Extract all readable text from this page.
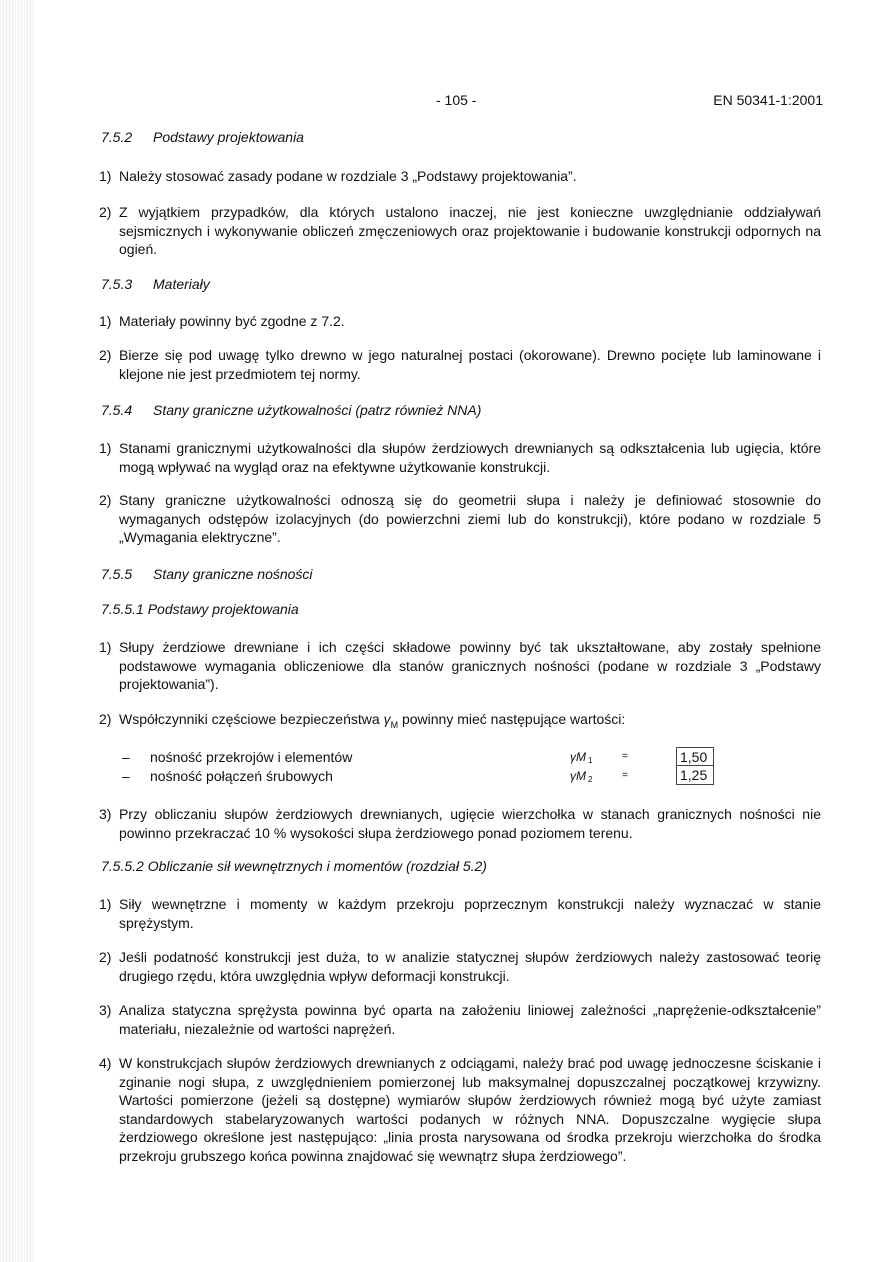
- 105 -	EN 50341-1:2001
7.5.2 Podstawy projektowania
1) Należy stosować zasady podane w rozdziale 3 „Podstawy projektowania”.
2) Z wyjątkiem przypadków, dla których ustalono inaczej, nie jest konieczne uwzględnianie oddziaływań sejsmicznych i wykonywanie obliczeń zmęczeniowych oraz projektowanie i budowanie konstrukcji odpornych na ogień.
7.5.3 Materiały
1) Materiały powinny być zgodne z 7.2.
2) Bierze się pod uwagę tylko drewno w jego naturalnej postaci (okorowane). Drewno pocięte lub laminowane i klejone nie jest przedmiotem tej normy.
7.5.4 Stany graniczne użytkowalności (patrz również NNA)
1) Stanami granicznymi użytkowalności dla słupów żerdziowych drewnianych są odkształcenia lub ugięcia, które mogą wpływać na wygląd oraz na efektywne użytkowanie konstrukcji.
2) Stany graniczne użytkowalności odnoszą się do geometrii słupa i należy je definiować stosownie do wymaganych odstępów izolacyjnych (do powierzchni ziemi lub do konstrukcji), które podano w rozdziale 5 „Wymagania elektryczne”.
7.5.5 Stany graniczne nośności
7.5.5.1 Podstawy projektowania
1) Słupy żerdziowe drewniane i ich części składowe powinny być tak ukształtowane, aby zostały spełnione podstawowe wymagania obliczeniowe dla stanów granicznych nośności (podane w rozdziale 3 „Podstawy projektowania”).
2) Współczynniki częściowe bezpieczeństwa $\gamma_M$ powinny mieć następujące wartości:
– nośność przekrojów i elementów	γM $_1$	=	1,50
– nośność połączeń śrubowych	γM $_2$	=	1,25
3) Przy obliczaniu słupów żerdziowych drewnianych, ugięcie wierzchołka w stanach granicznych nośności nie powinno przekraczać 10 % wysokości słupa żerdziowego ponad poziomem terenu.
7.5.5.2 Obliczanie sił wewnętrznych i momentów (rozdział 5.2)
1) Siły wewnętrzne i momenty w każdym przekroju poprzecznym konstrukcji należy wyznaczać w stanie sprężystym.
2) Jeśli podatność konstrukcji jest duża, to w analizie statycznej słupów żerdziowych należy zastosować teorię drugiego rzędu, która uwzględnia wpływ deformacji konstrukcji.
3) Analiza statyczna sprężysta powinna być oparta na założeniu liniowej zależności „naprężenie-odkształcenie” materiału, niezależnie od wartości naprężeń.
4) W konstrukcjach słupów żerdziowych drewnianych z odciągami, należy brać pod uwagę jednoczesne ściskanie i zginanie nogi słupa, z uwzględnieniem pomierzonej lub maksymalnej dopuszczalnej początkowej krzywizny. Wartości pomierzone (jeżeli są dostępne) wymiarów słupów żerdziowych również mogą być użyte zamiast standardowych stabelaryzowanych wartości podanych w różnych NNA. Dopuszczalne wygięcie słupa żerdziowego określone jest następująco: „linia prosta narysowana od środka przekroju wierzchołka do środka przekroju grubszego końca powinna znajdować się wewnątrz słupa żerdziowego”.
